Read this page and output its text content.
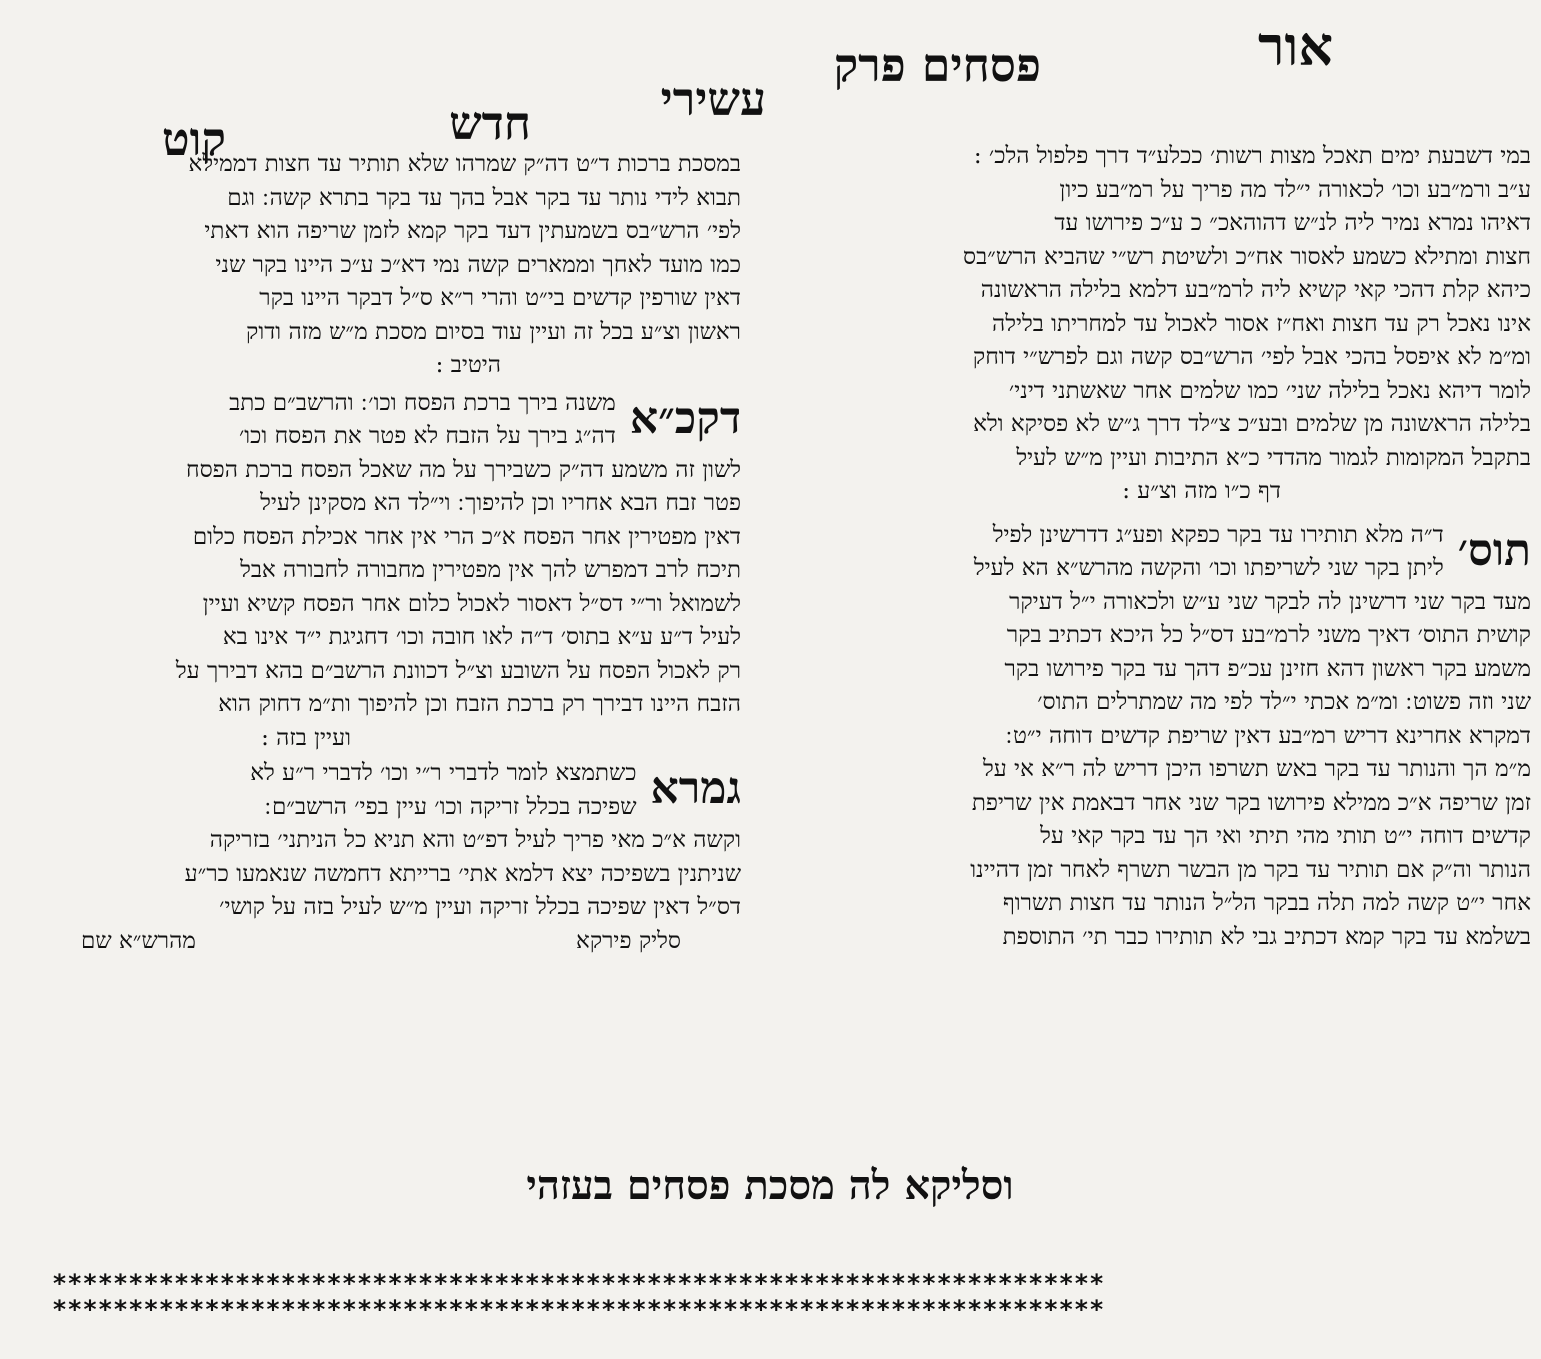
אור
פסחים פרק
עשירי
חדש
קוט	במי דשבעת ימים תאכל מצות רשות׳ ככלע״ד דרך פלפול הלכ׳ :
ע״ב ורמ״בע וכו׳ לכאורה י״לד מה פריך על רמ״בע כיון
דאיהו נמרא נמיר ליה לנ״ש דהוהאכ״ כ ע״כ פירושו עד
חצות ומתילא כשמע לאסור אח״כ ולשיטת רש״י שהביא הרש״בס
כיהא קלת דהכי קאי קשיא ליה לרמ״בע דלמא בלילה הראשונה
אינו נאכל רק עד חצות ואח״ז אסור לאכול עד למחריתו בלילה
ומ״מ לא איפסל בהכי אבל לפי׳ הרש״בס קשה וגם לפרש״י דוחק
לומר דיהא נאכל בלילה שני׳ כמו שלמים אחר שאשתני דיני׳
בלילה הראשונה מן שלמים ובע״כ צ״לד דרך ג״ש לא פסיקא ולא
בתקבל המקומות לגמור מהדדי כ״א התיבות ועיין מ״ש לעיל
דף כ״ו מזה וצ״ע :
תוס׳
ד״ה מלא תותירו עד בקר כפקא ופע״ג דדרשינן לפיל
ליתן בקר שני לשריפתו וכו׳ והקשה מהרש״א הא לעיל
מעד בקר שני דרשינן לה לבקר שני ע״ש ולכאורה י״ל דעיקר
קושית התוס׳ דאיך משני לרמ״בע דס״ל כל היכא דכתיב בקר
משמע בקר ראשון דהא חזינן עכ״פ דהך עד בקר פירושו בקר
שני וזה פשוט ׃ ומ״מ אכתי י״לד לפי מה שמתרלים התוס׳
דמקרא אחרינא דריש רמ״בע דאין שריפת קדשים דוחה י״ט ׃
מ״מ הך והנותר עד בקר באש תשרפו היכן דריש לה ר״א אי על
זמן שריפה א״כ ממילא פירושו בקר שני אחר דבאמת אין שריפת
קדשים דוחה י״ט תותי מהי תיתי ואי הך עד בקר קאי על
הנותר וה״ק אם תותיר עד בקר מן הבשר תשרף לאחר זמן דהיינו
אחר י״ט קשה למה תלה בבקר הל״ל הנותר עד חצות תשרוף
בשלמא עד בקר קמא דכתיב גבי לא תותירו כבר תי׳ התוספת
במסכת ברכות ד״ט דה״ק שמרהו שלא תותיר עד חצות דממילא
תבוא לידי נותר עד בקר אבל בהך עד בקר בתרא קשה ׃ וגם
לפי׳ הרש״בס בשמעתין דעד בקר קמא לזמן שריפה הוא דאתי
כמו מועד לאחך וממארים קשה נמי דא״כ ע״כ היינו בקר שני
דאין שורפין קדשים בי״ט והרי ר״א ס״ל דבקר היינו בקר
ראשון וצ״ע בכל זה ועיין עוד בסיום מסכת מ״ש מזה ודוק
היטיב :
דקכ״א
משנה בירך ברכת הפסח וכו׳ ׃ והרשב״ם כתב
דה״ג בירך על הזבח לא פטר את הפסח וכו׳
לשון זה משמע דה״ק כשבירך על מה שאכל הפסח ברכת הפסח
פטר זבח הבא אחריו וכן להיפוך ׃ וי״לד הא מסקינן לעיל
דאין מפטירין אחר הפסח א״כ הרי אין אחר אכילת הפסח כלום
תיכח לרב דמפרש להך אין מפטירין מחבורה לחבורה אבל
לשמואל ור״י דס״ל דאסור לאכול כלום אחר הפסח קשיא ועיין
לעיל ד״ע ע״א בתוס׳ ד״ה לאו חובה וכו׳ דחגיגת י״ד אינו בא
רק לאכול הפסח על השובע וצ״ל דכוונת הרשב״ם בהא דבירך על
הזבח היינו דבירך רק ברכת הזבח וכן להיפוך ות״מ דחוק הוא
ועיין בזה :
גמרא
כשתמצא לומר לדברי ר״י וכו׳ לדברי ר״ע לא
שפיכה בכלל זריקה וכו׳ עיין בפי׳ הרשב״ם ׃
וקשה א״כ מאי פריך לעיל דפ״ט והא תניא כל הניתני׳ בזריקה
שניתנין בשפיכה יצא דלמא אתי׳ ברייתא דחמשה שנאמעו כר״ע
דס״ל דאין שפיכה בכלל זריקה ועיין מ״ש לעיל בזה על קושי׳
סליק פירקא
מהרש״א שם
וסליקא לה מסכת פסחים בעזהי
*********************************************************************
*********************************************************************
